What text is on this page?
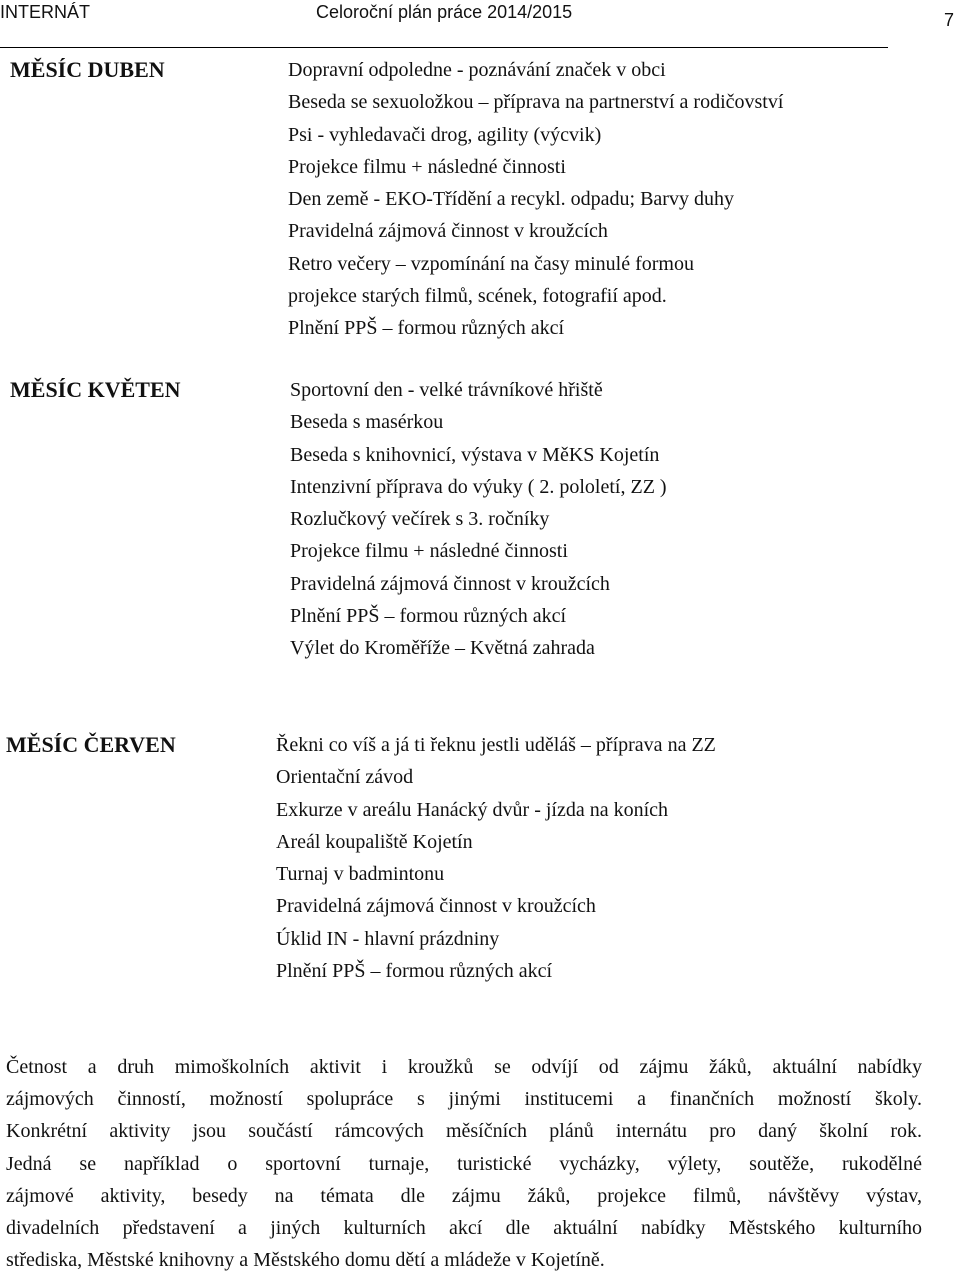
INTERNÁT	Celoroční plán práce 2014/2015	7
MĚSÍC DUBEN	Dopravní odpoledne - poznávání značek v obci
Beseda se sexuoložkou – příprava na partnerství a rodičovství
Psi - vyhledavači drog, agility (výcvik)
Projekce filmu + následné činnosti
Den země - EKO-Třídění a recykl. odpadu; Barvy duhy
Pravidelná zájmová činnost v kroužcích
Retro večery – vzpomínání na časy minulé formou
projekce starých filmů, scének, fotografií apod.
Plnění PPŠ – formou různých akcí
MĚSÍC KVĚTEN	Sportovní den - velké trávníkové hřiště
Beseda s masérkou
Beseda s knihovnicí, výstava v MěKS Kojetín
Intenzivní příprava do výuky ( 2. pololetí, ZZ )
Rozlučkový večírek s 3. ročníky
Projekce filmu + následné činnosti
Pravidelná zájmová činnost v kroužcích
Plnění PPŠ – formou různých akcí
Výlet do Kroměříže – Květná zahrada
MĚSÍC ČERVEN	Řekni co víš a já ti řeknu jestli uděláš – příprava na ZZ
Orientační závod
Exkurze v areálu Hanácký dvůr - jízda na koních
Areál koupaliště Kojetín
Turnaj v badmintonu
Pravidelná zájmová činnost v kroužcích
Úklid IN - hlavní prázdniny
Plnění PPŠ – formou různých akcí

Četnost a druh mimoškolních aktivit i kroužků se odvíjí od zájmu žáků, aktuální nabídky
zájmových činností, možností spolupráce s jinými institucemi a finančních možností školy.
Konkrétní aktivity jsou součástí rámcových měsíčních plánů internátu pro daný školní rok.
Jedná se například o sportovní turnaje, turistické vycházky, výlety, soutěže, rukodělné
zájmové aktivity, besedy na témata dle zájmu žáků, projekce filmů, návštěvy výstav,
divadelních představení a jiných kulturních akcí dle aktuální nabídky Městského kulturního
střediska, Městské knihovny a Městského domu dětí a mládeže v Kojetíně.
